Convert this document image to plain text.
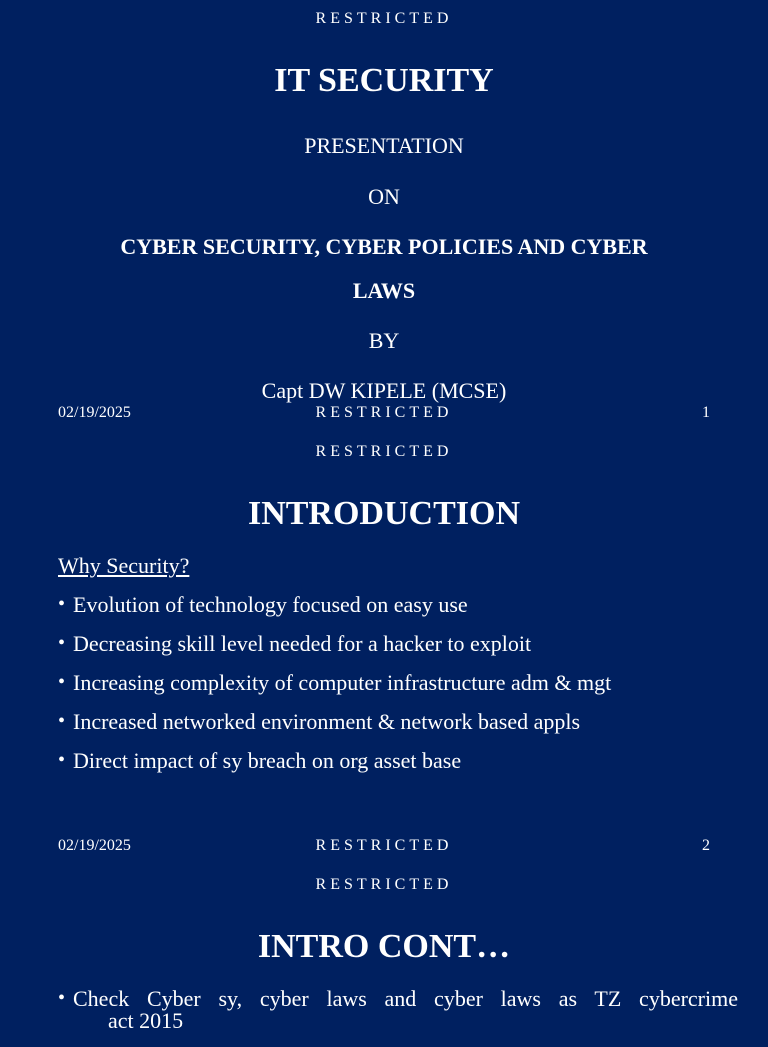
RESTRICTED
IT SECURITY
PRESENTATION
ON
CYBER SECURITY, CYBER POLICIES AND CYBER
LAWS
BY
Capt DW KIPELE (MCSE)
02/19/2025	RESTRICTED	1
RESTRICTED
INTRODUCTION
Why Security?
• Evolution of technology focused on easy use
• Decreasing skill level needed for a hacker to exploit
• Increasing complexity of computer infrastructure adm & mgt
• Increased networked environment & network based appls
• Direct impact of sy breach on org asset base
02/19/2025	RESTRICTED	2
RESTRICTED
INTRO CONT…
• Check Cyber sy, cyber laws and cyber laws as TZ cybercrime
act 2015
